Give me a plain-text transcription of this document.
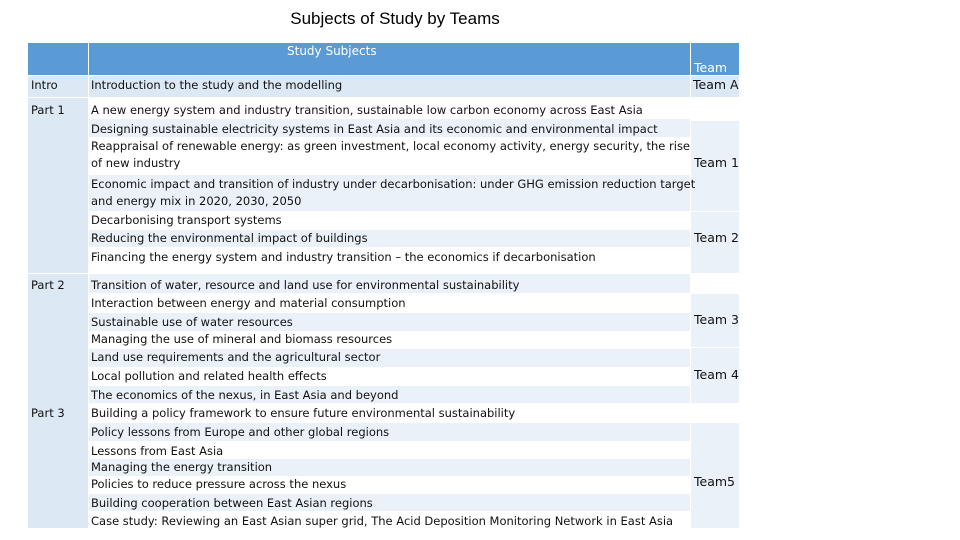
Subjects of Study by Teams
Study Subjects
Team
Intro
Part 1
Part 2
Part 3
Introduction to the study and the modelling
A new energy system and industry transition, sustainable low carbon economy across East Asia
Designing sustainable electricity systems in East Asia and its economic and environmental impact
Reappraisal of renewable energy: as green investment, local economy activity, energy security, the rise
of new industry
Economic impact and transition of industry under decarbonisation: under GHG emission reduction target
and energy mix in 2020, 2030, 2050
Decarbonising transport systems
Reducing the environmental impact of buildings
Financing the energy system and industry transition – the economics if decarbonisation
Transition of water, resource and land use for environmental sustainability
Interaction between energy and material consumption
Sustainable use of water resources
Managing the use of mineral and biomass resources
Land use requirements and the agricultural sector
Local pollution and related health effects
The economics of the nexus, in East Asia and beyond
Building a policy framework to ensure future environmental sustainability
Policy lessons from Europe and other global regions
Lessons from East Asia
Managing the energy transition
Policies to reduce pressure across the nexus
Building cooperation between East Asian regions
Case study: Reviewing an East Asian super grid, The Acid Deposition Monitoring Network in East Asia
Team A
Team 1
Team 2
Team 3
Team 4
Team5
